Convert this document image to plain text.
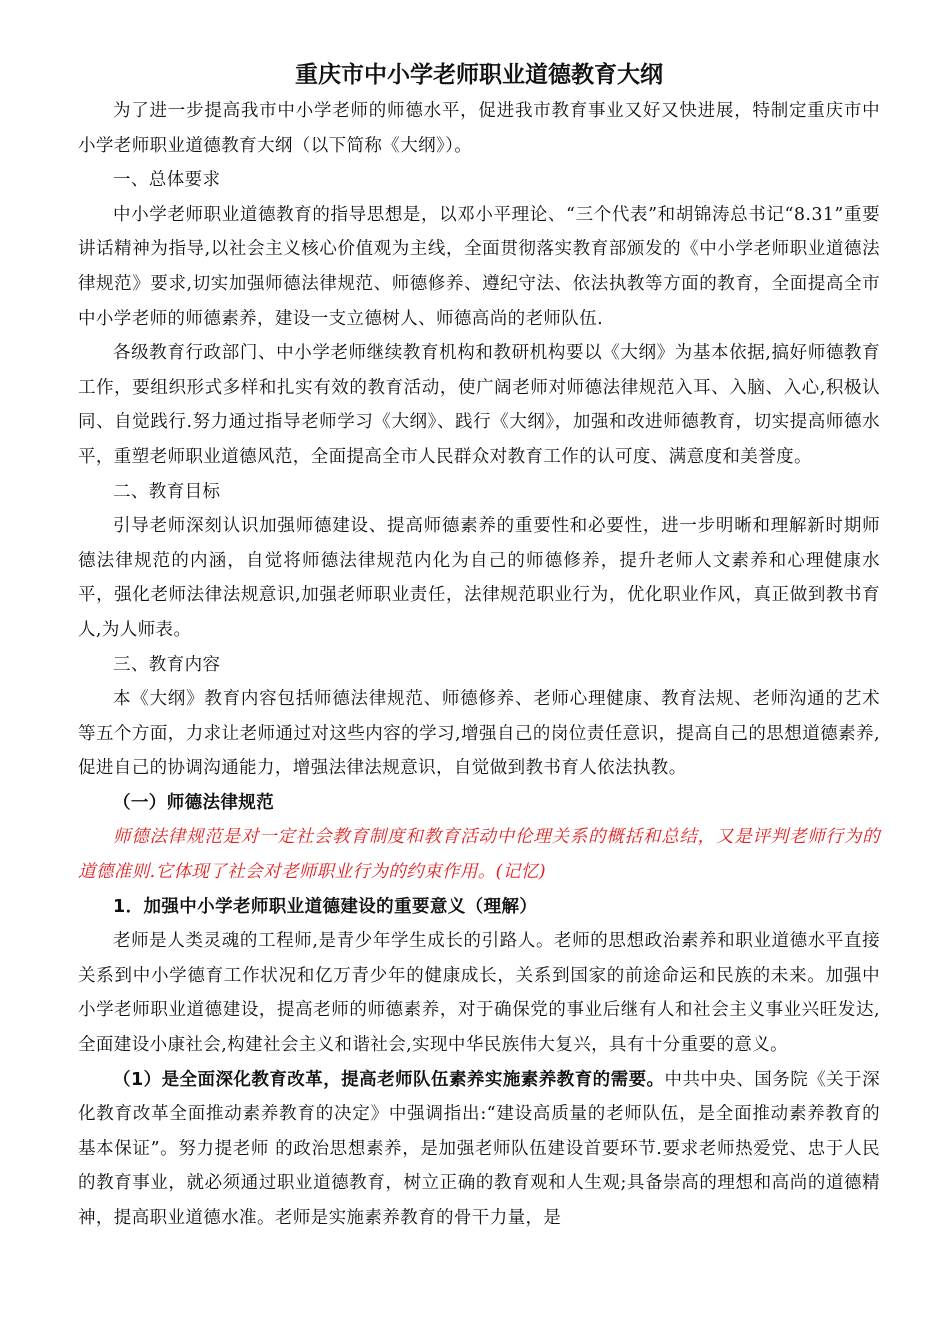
重庆市中小学老师职业道德教育大纲

为了进一步提高我市中小学老师的师德水平，促进我市教育事业又好又快进展，特制定重庆市中小学老师职业道德教育大纲（以下简称《大纲》）。

一、总体要求

中小学老师职业道德教育的指导思想是，以邓小平理论、“三个代表”和胡锦涛总书记“8.31”重要讲话精神为指导,以社会主义核心价值观为主线，全面贯彻落实教育部颁发的《中小学老师职业道德法律规范》要求,切实加强师德法律规范、师德修养、遵纪守法、依法执教等方面的教育，全面提高全市中小学老师的师德素养，建设一支立德树人、师德高尚的老师队伍.

各级教育行政部门、中小学老师继续教育机构和教研机构要以《大纲》为基本依据,搞好师德教育工作，要组织形式多样和扎实有效的教育活动，使广阔老师对师德法律规范入耳、入脑、入心,积极认同、自觉践行.努力通过指导老师学习《大纲》、践行《大纲》，加强和改进师德教育，切实提高师德水平，重塑老师职业道德风范，全面提高全市人民群众对教育工作的认可度、满意度和美誉度。

二、教育目标

引导老师深刻认识加强师德建设、提高师德素养的重要性和必要性，进一步明晰和理解新时期师德法律规范的内涵，自觉将师德法律规范内化为自己的师德修养，提升老师人文素养和心理健康水平，强化老师法律法规意识,加强老师职业责任，法律规范职业行为，优化职业作风，真正做到教书育人,为人师表。

三、教育内容

本《大纲》教育内容包括师德法律规范、师德修养、老师心理健康、教育法规、老师沟通的艺术等五个方面，力求让老师通过对这些内容的学习,增强自己的岗位责任意识，提高自己的思想道德素养,促进自己的协调沟通能力，增强法律法规意识，自觉做到教书育人依法执教。

（一）师德法律规范

师德法律规范是对一定社会教育制度和教育活动中伦理关系的概括和总结，又是评判老师行为的道德准则.它体现了社会对老师职业行为的约束作用。(记忆)

1．加强中小学老师职业道德建设的重要意义（理解）

老师是人类灵魂的工程师,是青少年学生成长的引路人。老师的思想政治素养和职业道德水平直接关系到中小学德育工作状况和亿万青少年的健康成长，关系到国家的前途命运和民族的未来。加强中小学老师职业道德建设，提高老师的师德素养，对于确保党的事业后继有人和社会主义事业兴旺发达,全面建设小康社会,构建社会主义和谐社会,实现中华民族伟大复兴，具有十分重要的意义。

（1）是全面深化教育改革，提高老师队伍素养实施素养教育的需要。中共中央、国务院《关于深化教育改革全面推动素养教育的决定》中强调指出:“建设高质量的老师队伍，是全面推动素养教育的基本保证”。努力提老师 的政治思想素养，是加强老师队伍建设首要环节.要求老师热爱党、忠于人民的教育事业，就必须通过职业道德教育，树立正确的教育观和人生观;具备崇高的理想和高尚的道德精神，提高职业道德水准。老师是实施素养教育的骨干力量，是
